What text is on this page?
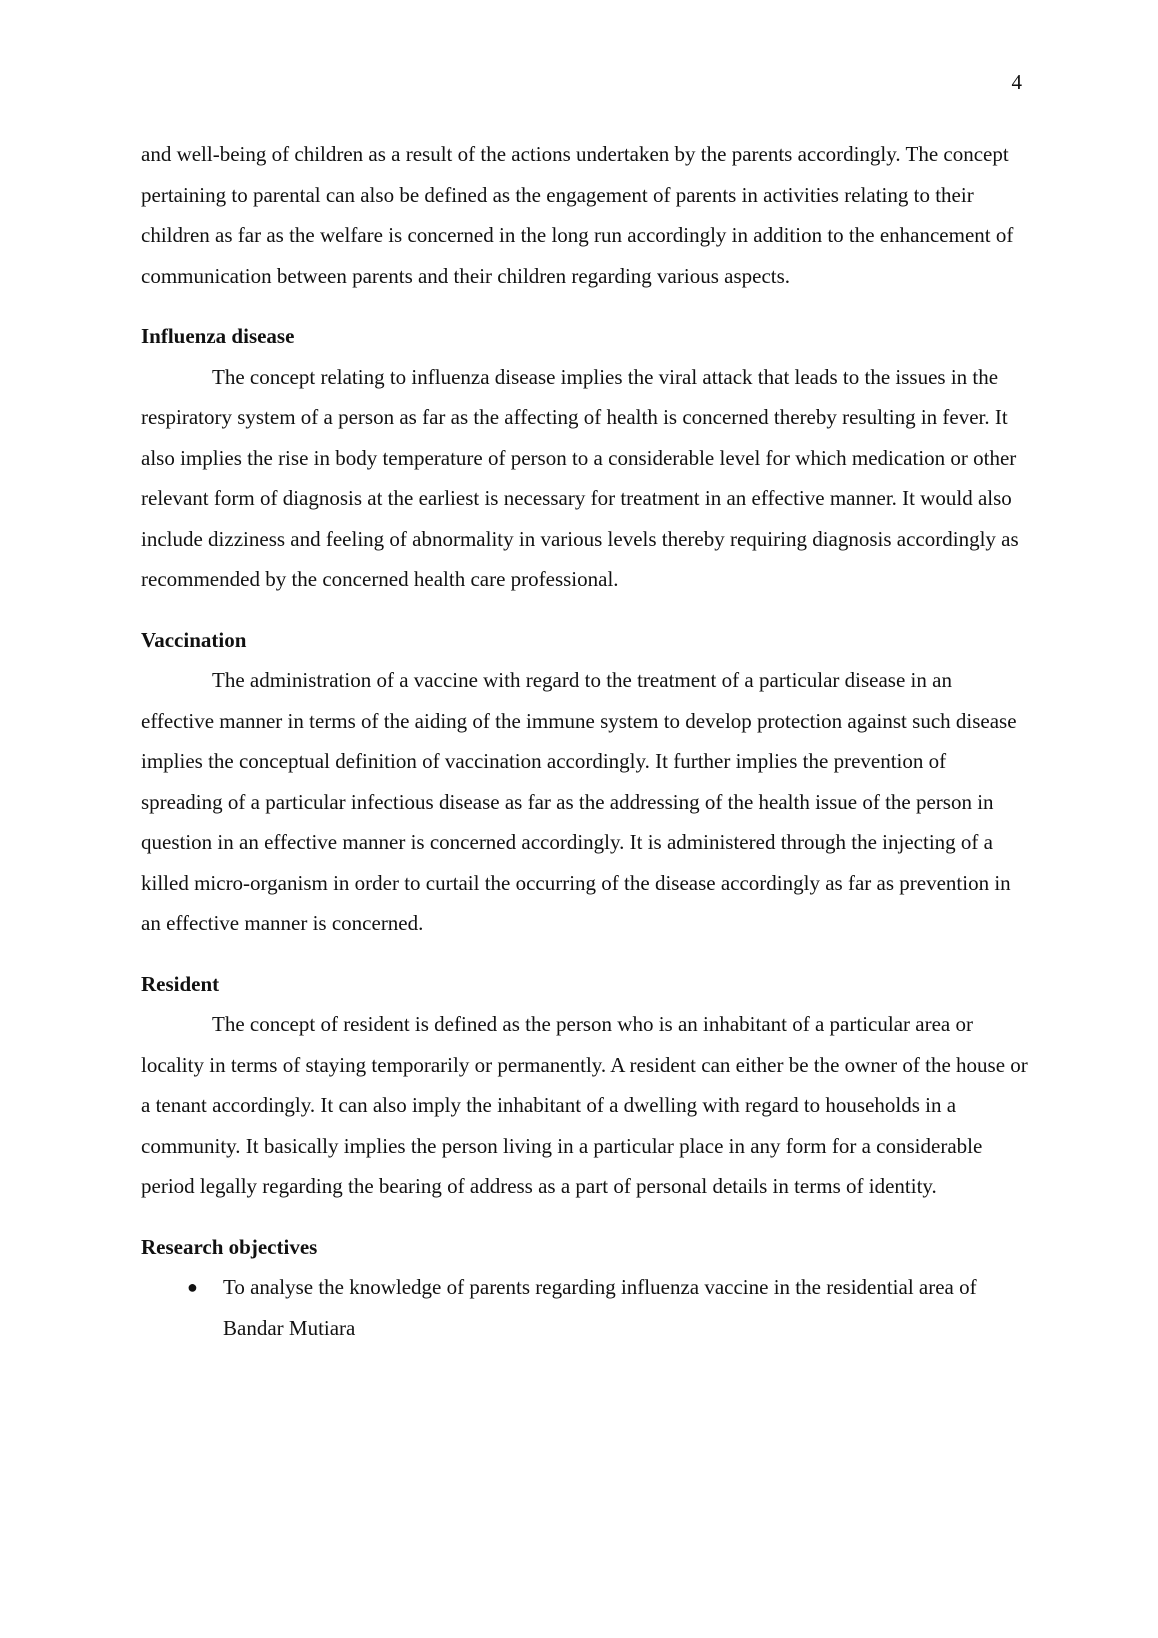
4

and well-being of children as a result of the actions undertaken by the parents accordingly. The concept pertaining to parental can also be defined as the engagement of parents in activities relating to their children as far as the welfare is concerned in the long run accordingly in addition to the enhancement of communication between parents and their children regarding various aspects.

Influenza disease

The concept relating to influenza disease implies the viral attack that leads to the issues in the respiratory system of a person as far as the affecting of health is concerned thereby resulting in fever. It also implies the rise in body temperature of person to a considerable level for which medication or other relevant form of diagnosis at the earliest is necessary for treatment in an effective manner. It would also include dizziness and feeling of abnormality in various levels thereby requiring diagnosis accordingly as recommended by the concerned health care professional.

Vaccination

The administration of a vaccine with regard to the treatment of a particular disease in an effective manner in terms of the aiding of the immune system to develop protection against such disease implies the conceptual definition of vaccination accordingly. It further implies the prevention of spreading of a particular infectious disease as far as the addressing of the health issue of the person in question in an effective manner is concerned accordingly. It is administered through the injecting of a killed micro-organism in order to curtail the occurring of the disease accordingly as far as prevention in an effective manner is concerned.

Resident

The concept of resident is defined as the person who is an inhabitant of a particular area or locality in terms of staying temporarily or permanently. A resident can either be the owner of the house or a tenant accordingly. It can also imply the inhabitant of a dwelling with regard to households in a community. It basically implies the person living in a particular place in any form for a considerable period legally regarding the bearing of address as a part of personal details in terms of identity.

Research objectives
● To analyse the knowledge of parents regarding influenza vaccine in the residential area of Bandar Mutiara
